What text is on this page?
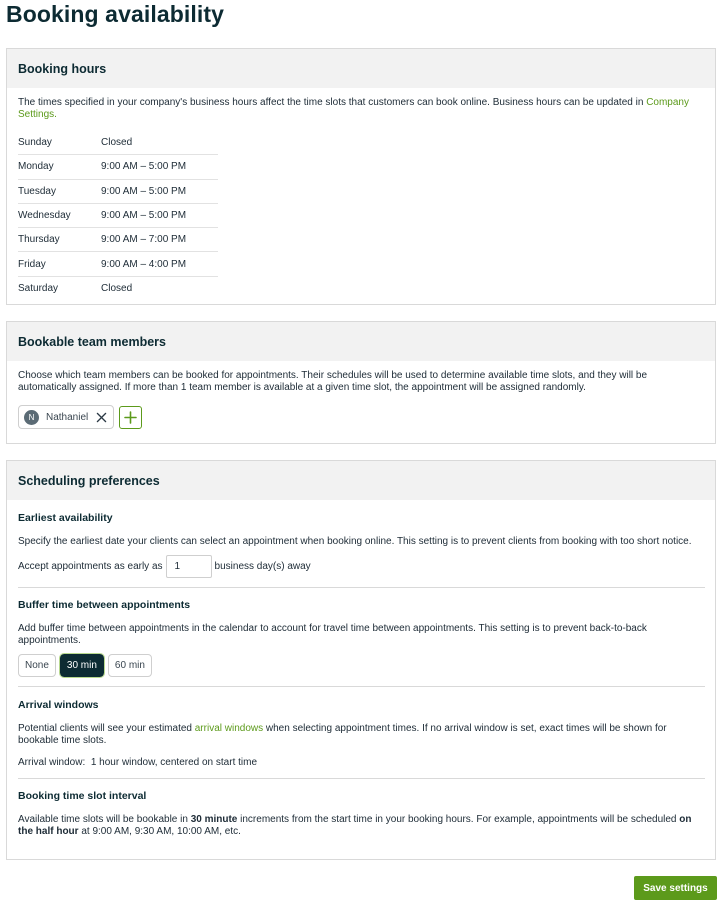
Booking availability
Booking hours
The times specified in your company's business hours affect the time slots that customers can book online. Business hours can be updated in Company Settings.
Sunday	Closed
Monday	9:00 AM – 5:00 PM
Tuesday	9:00 AM – 5:00 PM
Wednesday	9:00 AM – 5:00 PM
Thursday	9:00 AM – 7:00 PM
Friday	9:00 AM – 4:00 PM
Saturday	Closed
Bookable team members
Choose which team members can be booked for appointments. Their schedules will be used to determine available time slots, and they will be automatically assigned. If more than 1 team member is available at a given time slot, the appointment will be assigned randomly.
N	Nathaniel
Scheduling preferences
Earliest availability
Specify the earliest date your clients can select an appointment when booking online. This setting is to prevent clients from booking with too short notice.
Accept appointments as early as	1	business day(s) away
Buffer time between appointments
Add buffer time between appointments in the calendar to account for travel time between appointments. This setting is to prevent back-to-back appointments.
None	30 min	60 min
Arrival windows
Potential clients will see your estimated arrival windows when selecting appointment times. If no arrival window is set, exact times will be shown for bookable time slots.
Arrival window: 1 hour window, centered on start time
Booking time slot interval
Available time slots will be bookable in 30 minute increments from the start time in your booking hours. For example, appointments will be scheduled on the half hour at 9:00 AM, 9:30 AM, 10:00 AM, etc.
Save settings
